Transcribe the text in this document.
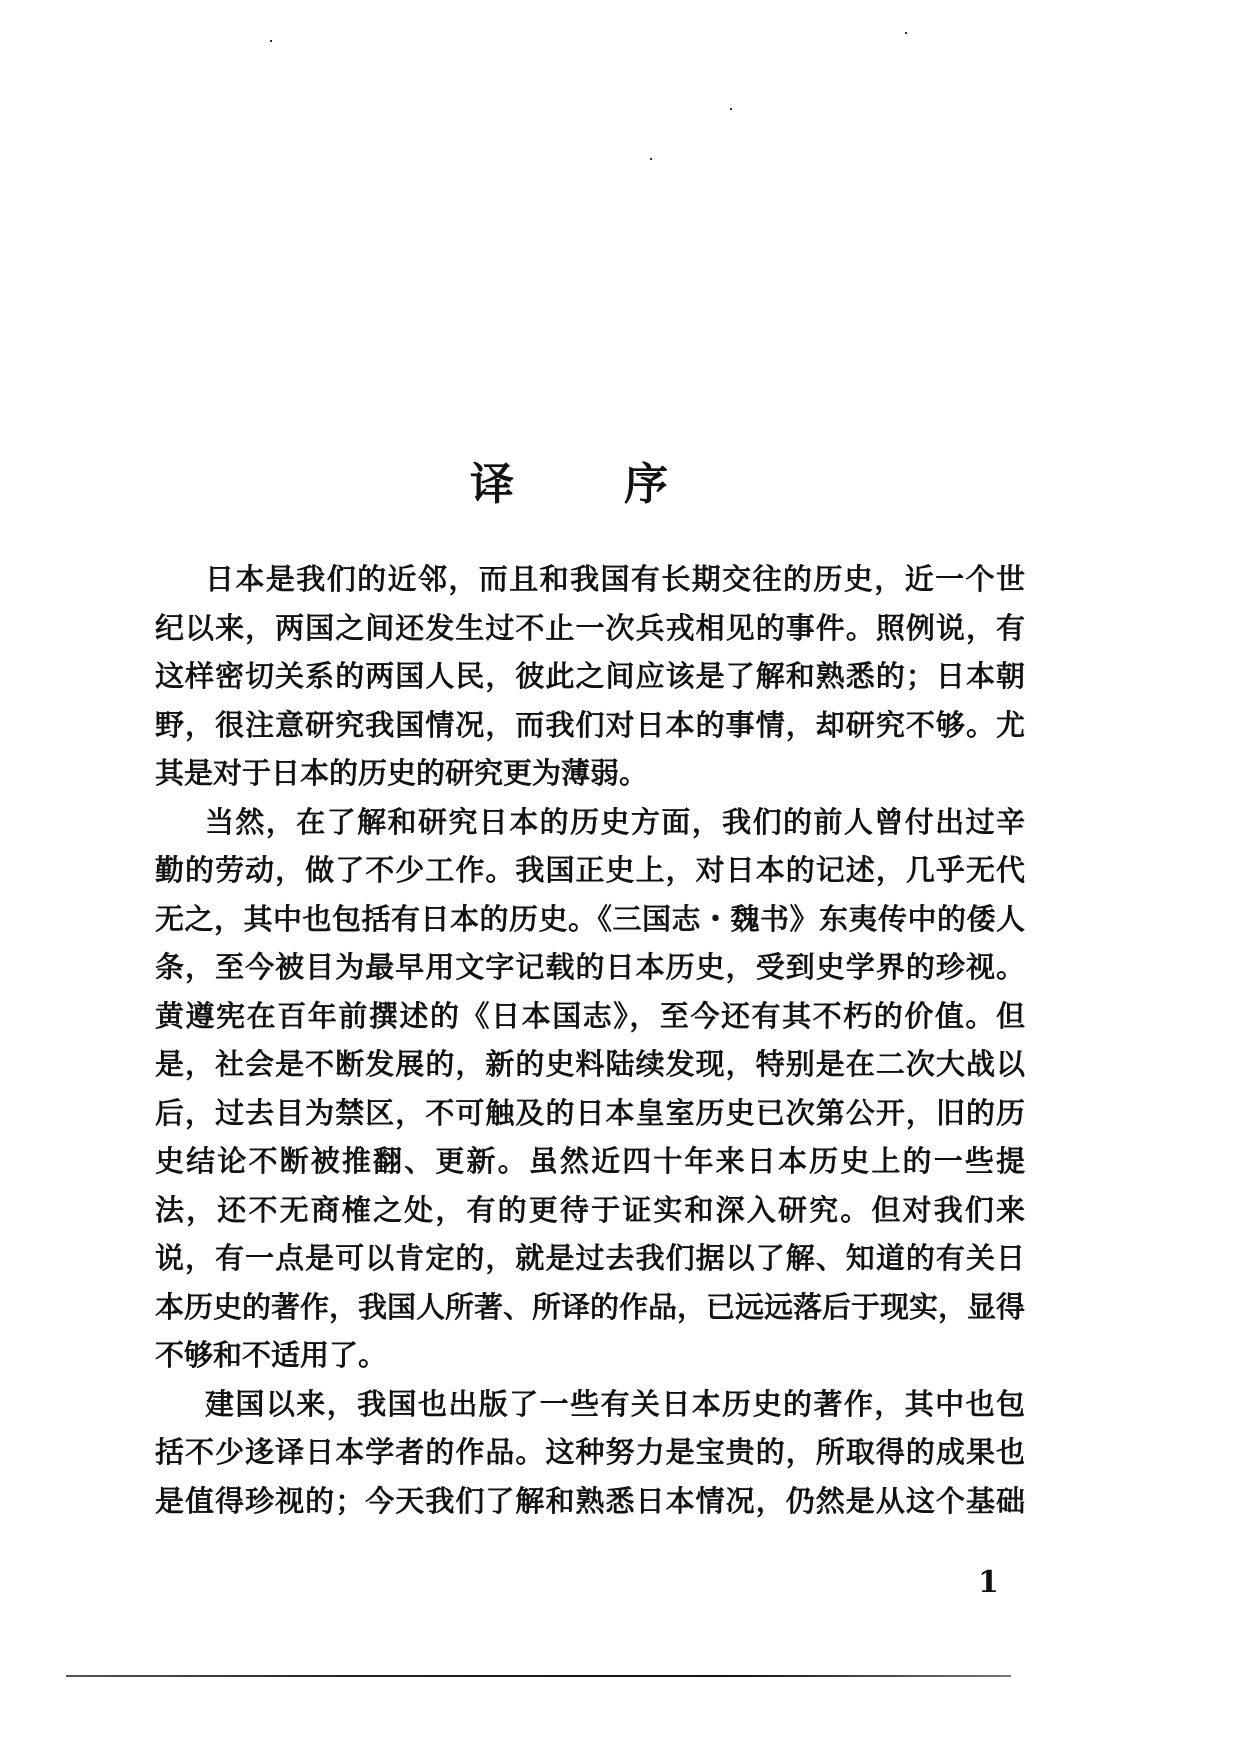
译 序
日本是我们的近邻，而且和我国有长期交往的历史，近一个世
纪以来，两国之间还发生过不止一次兵戎相见的事件。照例说，有
这样密切关系的两国人民，彼此之间应该是了解和熟悉的；日本朝
野，很注意研究我国情况，而我们对日本的事情，却研究不够。尤
其是对于日本的历史的研究更为薄弱。
当然，在了解和研究日本的历史方面，我们的前人曾付出过辛
勤的劳动，做了不少工作。我国正史上，对日本的记述，几乎无代
无之，其中也包括有日本的历史。《三国志・魏书》东夷传中的倭人
条，至今被目为最早用文字记载的日本历史，受到史学界的珍视。
黄遵宪在百年前撰述的《日本国志》，至今还有其不朽的价值。但
是，社会是不断发展的，新的史料陆续发现，特别是在二次大战以
后，过去目为禁区，不可触及的日本皇室历史已次第公开，旧的历
史结论不断被推翻、更新。虽然近四十年来日本历史上的一些提
法，还不无商榷之处，有的更待于证实和深入研究。但对我们来
说，有一点是可以肯定的，就是过去我们据以了解、知道的有关日
本历史的著作，我国人所著、所译的作品，已远远落后于现实，显得
不够和不适用了。
建国以来，我国也出版了一些有关日本历史的著作，其中也包
括不少迻译日本学者的作品。这种努力是宝贵的，所取得的成果也
是值得珍视的；今天我们了解和熟悉日本情况，仍然是从这个基础
1
